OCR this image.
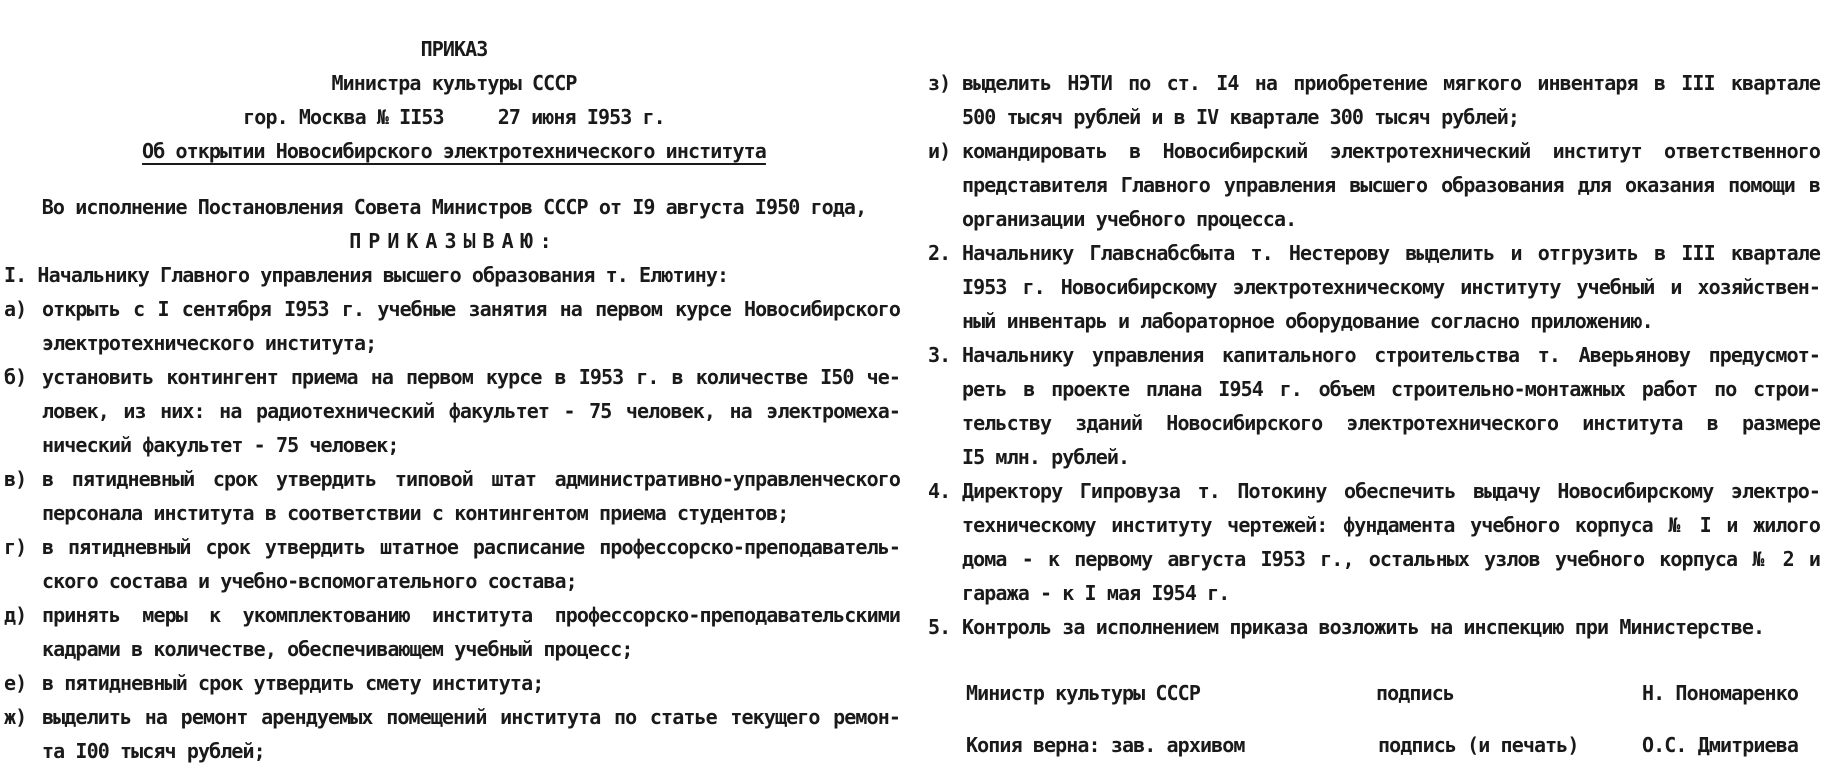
ПРИКАЗ
Министра культуры СССР
гор. Москва № II53	27 июня I953 г.
Об открытии Новосибирского электротехнического института
Во исполнение Постановления Совета Министров СССР от I9 августа I950 года,
ПРИКАЗЫВАЮ:
I. Начальнику Главного управления высшего образования т. Елютину:
а) открыть с I сентября I953 г. учебные занятия на первом курсе Новосибирского
электротехнического института;
б) установить контингент приема на первом курсе в I953 г. в количестве I50 че-
ловек, из них: на радиотехнический факультет - 75 человек, на электромеха-
нический факультет - 75 человек;
в) в пятидневный срок утвердить типовой штат административно-управленческого
персонала института в соответствии с контингентом приема студентов;
г) в пятидневный срок утвердить штатное расписание профессорско-преподаватель-
ского состава и учебно-вспомогательного состава;
д) принять меры к укомплектованию института профессорско-преподавательскими
кадрами в количестве, обеспечивающем учебный процесс;
е) в пятидневный срок утвердить смету института;
ж) выделить на ремонт арендуемых помещений института по статье текущего ремон-
та I00 тысяч рублей;
з) выделить НЭТИ по ст. I4 на приобретение мягкого инвентаря в III квартале
500 тысяч рублей и в IV квартале 300 тысяч рублей;
и) командировать в Новосибирский электротехнический институт ответственного
представителя Главного управления высшего образования для оказания помощи в
организации учебного процесса.
2. Начальнику Главснабсбыта т. Нестерову выделить и отгрузить в III квартале
I953 г. Новосибирскому электротехническому институту учебный и хозяйствен-
ный инвентарь и лабораторное оборудование согласно приложению.
3. Начальнику управления капитального строительства т. Аверьянову предусмот-
реть в проекте плана I954 г. объем строительно-монтажных работ по строи-
тельству зданий Новосибирского электротехнического института в размере
I5 млн. рублей.
4. Директору Гипровуза т. Потокину обеспечить выдачу Новосибирскому электро-
техническому институту чертежей: фундамента учебного корпуса № I и жилого
дома - к первому августа I953 г., остальных узлов учебного корпуса № 2 и
гаража - к I мая I954 г.
5. Контроль за исполнением приказа возложить на инспекцию при Министерстве.
Министр культуры СССР	подпись	Н. Пономаренко
Копия верна: зав. архивом	подпись (и печать)	О.С. Дмитриева
